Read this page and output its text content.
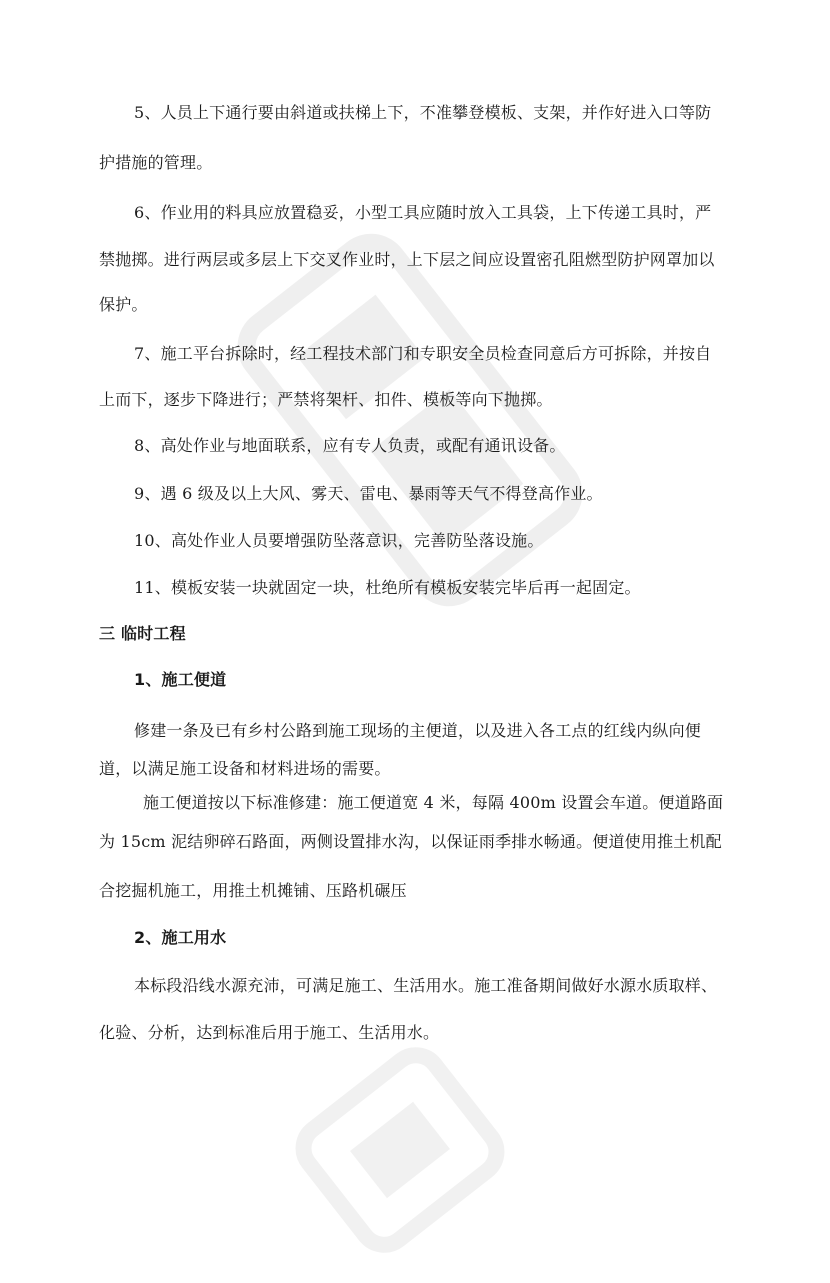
5、人员上下通行要由斜道或扶梯上下，不准攀登模板、支架，并作好进入口等防
护措施的管理。
6、作业用的料具应放置稳妥，小型工具应随时放入工具袋，上下传递工具时，严
禁抛掷。进行两层或多层上下交叉作业时，上下层之间应设置密孔阻燃型防护网罩加以
保护。
7、施工平台拆除时，经工程技术部门和专职安全员检查同意后方可拆除，并按自
上而下，逐步下降进行；严禁将架杆、扣件、模板等向下抛掷。
8、高处作业与地面联系，应有专人负责，或配有通讯设备。
9、遇 6 级及以上大风、雾天、雷电、暴雨等天气不得登高作业。
10、高处作业人员要增强防坠落意识，完善防坠落设施。
11、模板安装一块就固定一块，杜绝所有模板安装完毕后再一起固定。
三 临时工程
1、施工便道
修建一条及已有乡村公路到施工现场的主便道，以及进入各工点的红线内纵向便
道，以满足施工设备和材料进场的需要。
施工便道按以下标准修建：施工便道宽 4 米，每隔 400m 设置会车道。便道路面
为 15cm 泥结卵碎石路面，两侧设置排水沟，以保证雨季排水畅通。便道使用推土机配
合挖掘机施工，用推土机摊铺、压路机碾压
2、施工用水
本标段沿线水源充沛，可满足施工、生活用水。施工准备期间做好水源水质取样、
化验、分析，达到标准后用于施工、生活用水。
